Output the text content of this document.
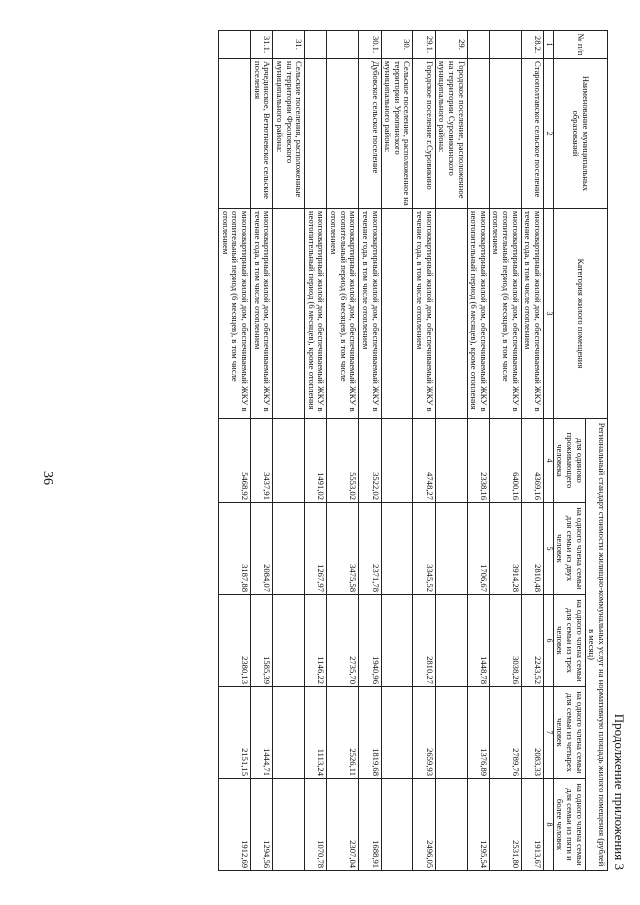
36
Продолжение приложения 3
№ п/п	Наименование муниципальных образований	Категория жилого помещения	Региональный стандарт стоимости жилищно-коммунальных услуг на нормативную площадь жилого помещения (рублей в месяц)				
			для одиноко проживающего человека	на одного члена семьи для семьи из двух человек	на одного члена семьи для семьи из трех человек	на одного члена семьи для семьи из четырех человек	на одного члена семьи для семьи из пяти и более человек
1	2	3	4	5	6	7	8
28.2.	Старополтавское сельское поселение	многоквартирный жилой дом, обеспечиваемый ЖКУ в течение года, в том числе отоплением	4369,16	2810,48	2243,52	2083,33	1913,67
		многоквартирный жилой дом, обеспечиваемый ЖКУ в отопительный период (6 месяцев), в том числе отоплением	6400,16	3914,28	3038,26	2789,76	2531,80
		многоквартирный жилой дом, обеспечиваемый ЖКУ в неотопительный период (6 месяцев), кроме отопления	2338,16	1706,67	1448,78	1376,89	1295,54
29.	Городское поселение, расположенное на территории Суровикинского муниципального района:						
29.1.	Городское поселение г.Суровикино	многоквартирный жилой дом, обеспечиваемый ЖКУ в течение года, в том числе отоплением	4748,27	3345,52	2810,27	2659,93	2496,05
30.	Сельское поселение, расположенное на территории Урюпинского муниципального района:						
30.1.	Дубовское сельское поселение	многоквартирный жилой дом, обеспечиваемый ЖКУ в течение года, в том числе отоплением	3522,02	2371,78	1940,96	1819,68	1688,91
		многоквартирный жилой дом, обеспечиваемый ЖКУ в отопительный период (6 месяцев), в том числе отоплением	5553,02	3475,58	2735,70	2526,11	2307,04
		многоквартирный жилой дом, обеспечиваемый ЖКУ в неотопительный период (6 месяцев), кроме отопления	1491,02	1267,97	1146,22	1113,24	1070,78
31.	Сельские поселения, расположенные на территории Фроловского муниципального района:						
31.1.	Арчединское, Ветютневское сельские поселения	многоквартирный жилой дом, обеспечиваемый ЖКУ в течение года, в том числе отоплением	3437,91	2084,07	1585,39	1444,71	1294,56
		многоквартирный жилой дом, обеспечиваемый ЖКУ в отопительный период (6 месяцев), в том числе отоплением	5468,92	3187,88	2380,13	2151,15	1912,69
